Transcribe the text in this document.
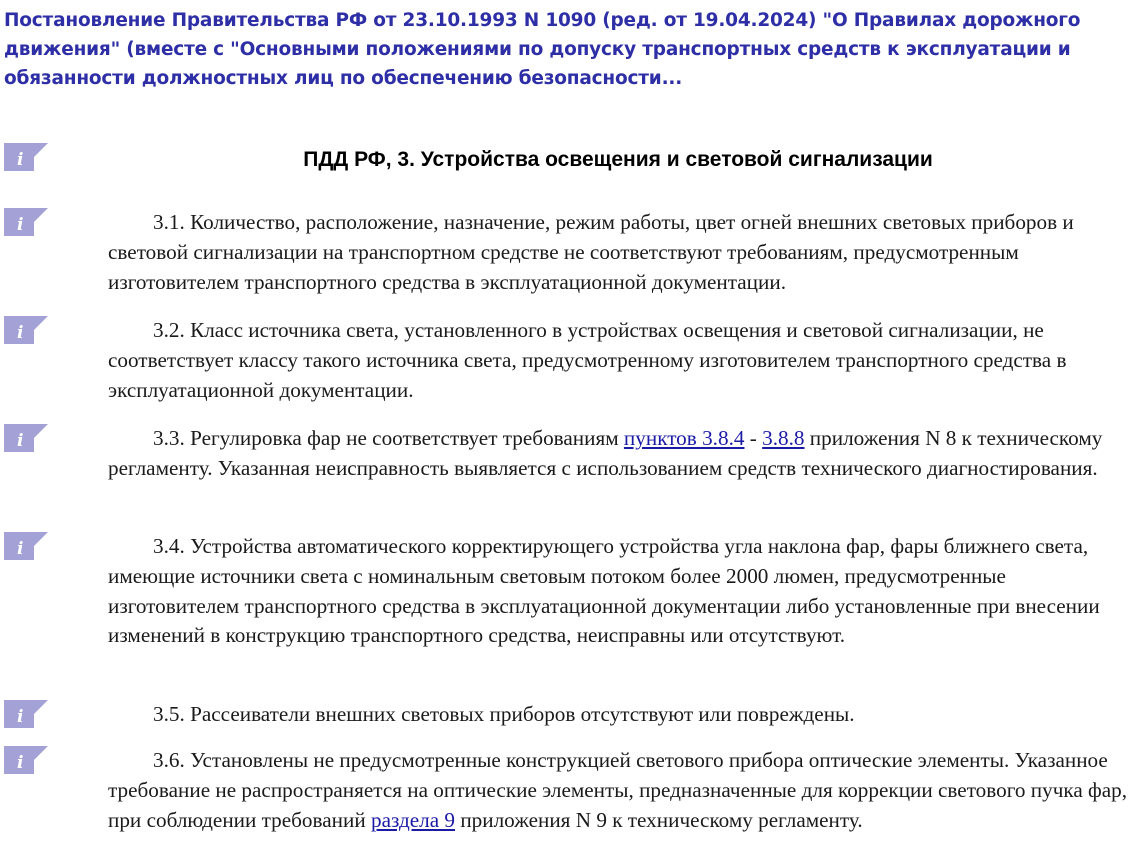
Постановление Правительства РФ от 23.10.1993 N 1090 (ред. от 19.04.2024) "О Правилах дорожного движения" (вместе с "Основными положениями по допуску транспортных средств к эксплуатации и обязанности должностных лиц по обеспечению безопасности...
i	ПДД РФ, 3. Устройства освещения и световой сигнализации
i	3.1. Количество, расположение, назначение, режим работы, цвет огней внешних световых приборов и световой сигнализации на транспортном средстве не соответствуют требованиям, предусмотренным изготовителем транспортного средства в эксплуатационной документации.

i	3.2. Класс источника света, установленного в устройствах освещения и световой сигнализации, не соответствует классу такого источника света, предусмотренному изготовителем транспортного средства в эксплуатационной документации.

i	3.3. Регулировка фар не соответствует требованиям пунктов 3.8.4 - 3.8.8 приложения N 8 к техническому регламенту. Указанная неисправность выявляется с использованием средств технического диагностирования.

i	3.4. Устройства автоматического корректирующего устройства угла наклона фар, фары ближнего света, имеющие источники света с номинальным световым потоком более 2000 люмен, предусмотренные изготовителем транспортного средства в эксплуатационной документации либо установленные при внесении изменений в конструкцию транспортного средства, неисправны или отсутствуют.

i	3.5. Рассеиватели внешних световых приборов отсутствуют или повреждены.

i	3.6. Установлены не предусмотренные конструкцией светового прибора оптические элементы. Указанное требование не распространяется на оптические элементы, предназначенные для коррекции светового пучка фар, при соблюдении требований раздела 9 приложения N 9 к техническому регламенту.
